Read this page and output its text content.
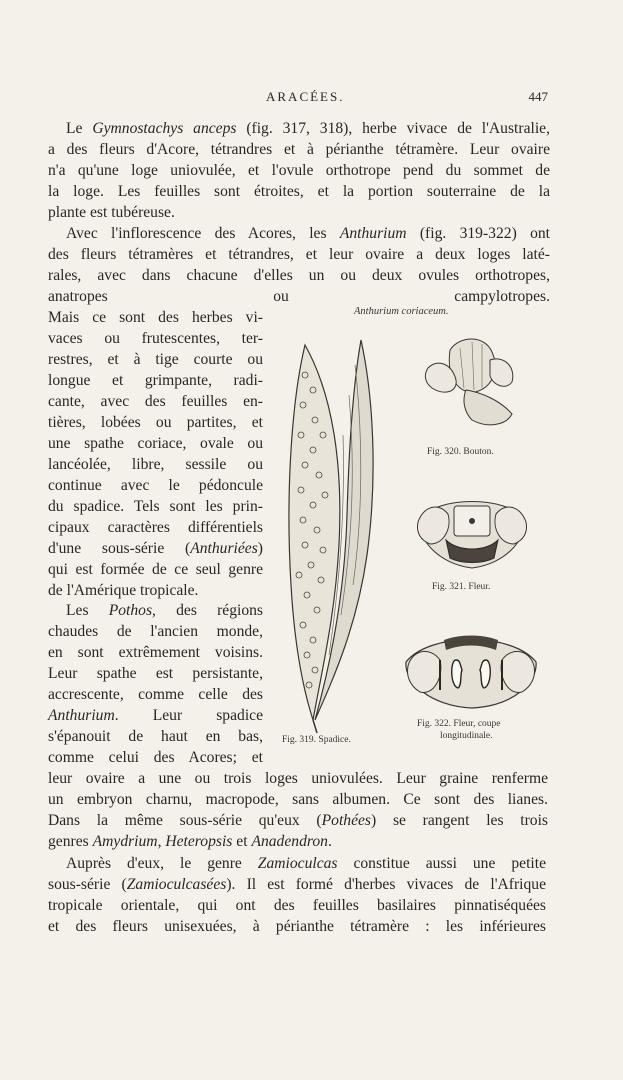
ARACÉES.	447
Le Gymnostachys anceps (fig. 317, 318), herbe vivace de l'Australie,
a des fleurs d'Acore, tétrandres et à périanthe tétramère. Leur ovaire
n'a qu'une loge uniovulée, et l'ovule orthotrope pend du sommet de
la loge. Les feuilles sont étroites, et la portion souterraine de la
plante est tubéreuse.
Avec l'inflorescence des Acores, les Anthurium (fig. 319-322) ont
des fleurs tétramères et tétrandres, et leur ovaire a deux loges laté-
rales, avec dans chacune d'elles un ou deux ovules orthotropes,
anatropes ou campylotropes.
Mais ce sont des herbes vi-
vaces ou frutescentes, ter-
restres, et à tige courte ou
longue et grimpante, radi-
cante, avec des feuilles en-
tières, lobées ou partites, et
une spathe coriace, ovale ou
lancéolée, libre, sessile ou
continue avec le pédoncule
du spadice. Tels sont les prin-
cipaux caractères différentiels
d'une sous-série (Anthuriées)
qui est formée de ce seul genre
de l'Amérique tropicale.
Les Pothos, des régions
chaudes de l'ancien monde,
en sont extrêmement voisins.
Leur spathe est persistante,
accrescente, comme celle des
Anthurium. Leur spadice
s'épanouit de haut en bas,
comme celui des Acores; et
leur ovaire a une ou trois loges uniovulées. Leur graine renferme
un embryon charnu, macropode, sans albumen. Ce sont des lianes.
Dans la même sous-série qu'eux (Pothées) se rangent les trois
genres Amydrium, Heteropsis et Anadendron.
Auprès d'eux, le genre Zamioculcas constitue aussi une petite
sous-série (Zamioculcasées). Il est formé d'herbes vivaces de l'Afrique
tropicale orientale, qui ont des feuilles basilaires pinnatiséquées
et des fleurs unisexuées, à périanthe tétramère : les inférieures
Anthurium coriaceum.
Fig. 320. Bouton.
Fig. 321. Fleur.
Fig. 322. Fleur, coupe
longitudinale.
Fig. 319. Spadice.
